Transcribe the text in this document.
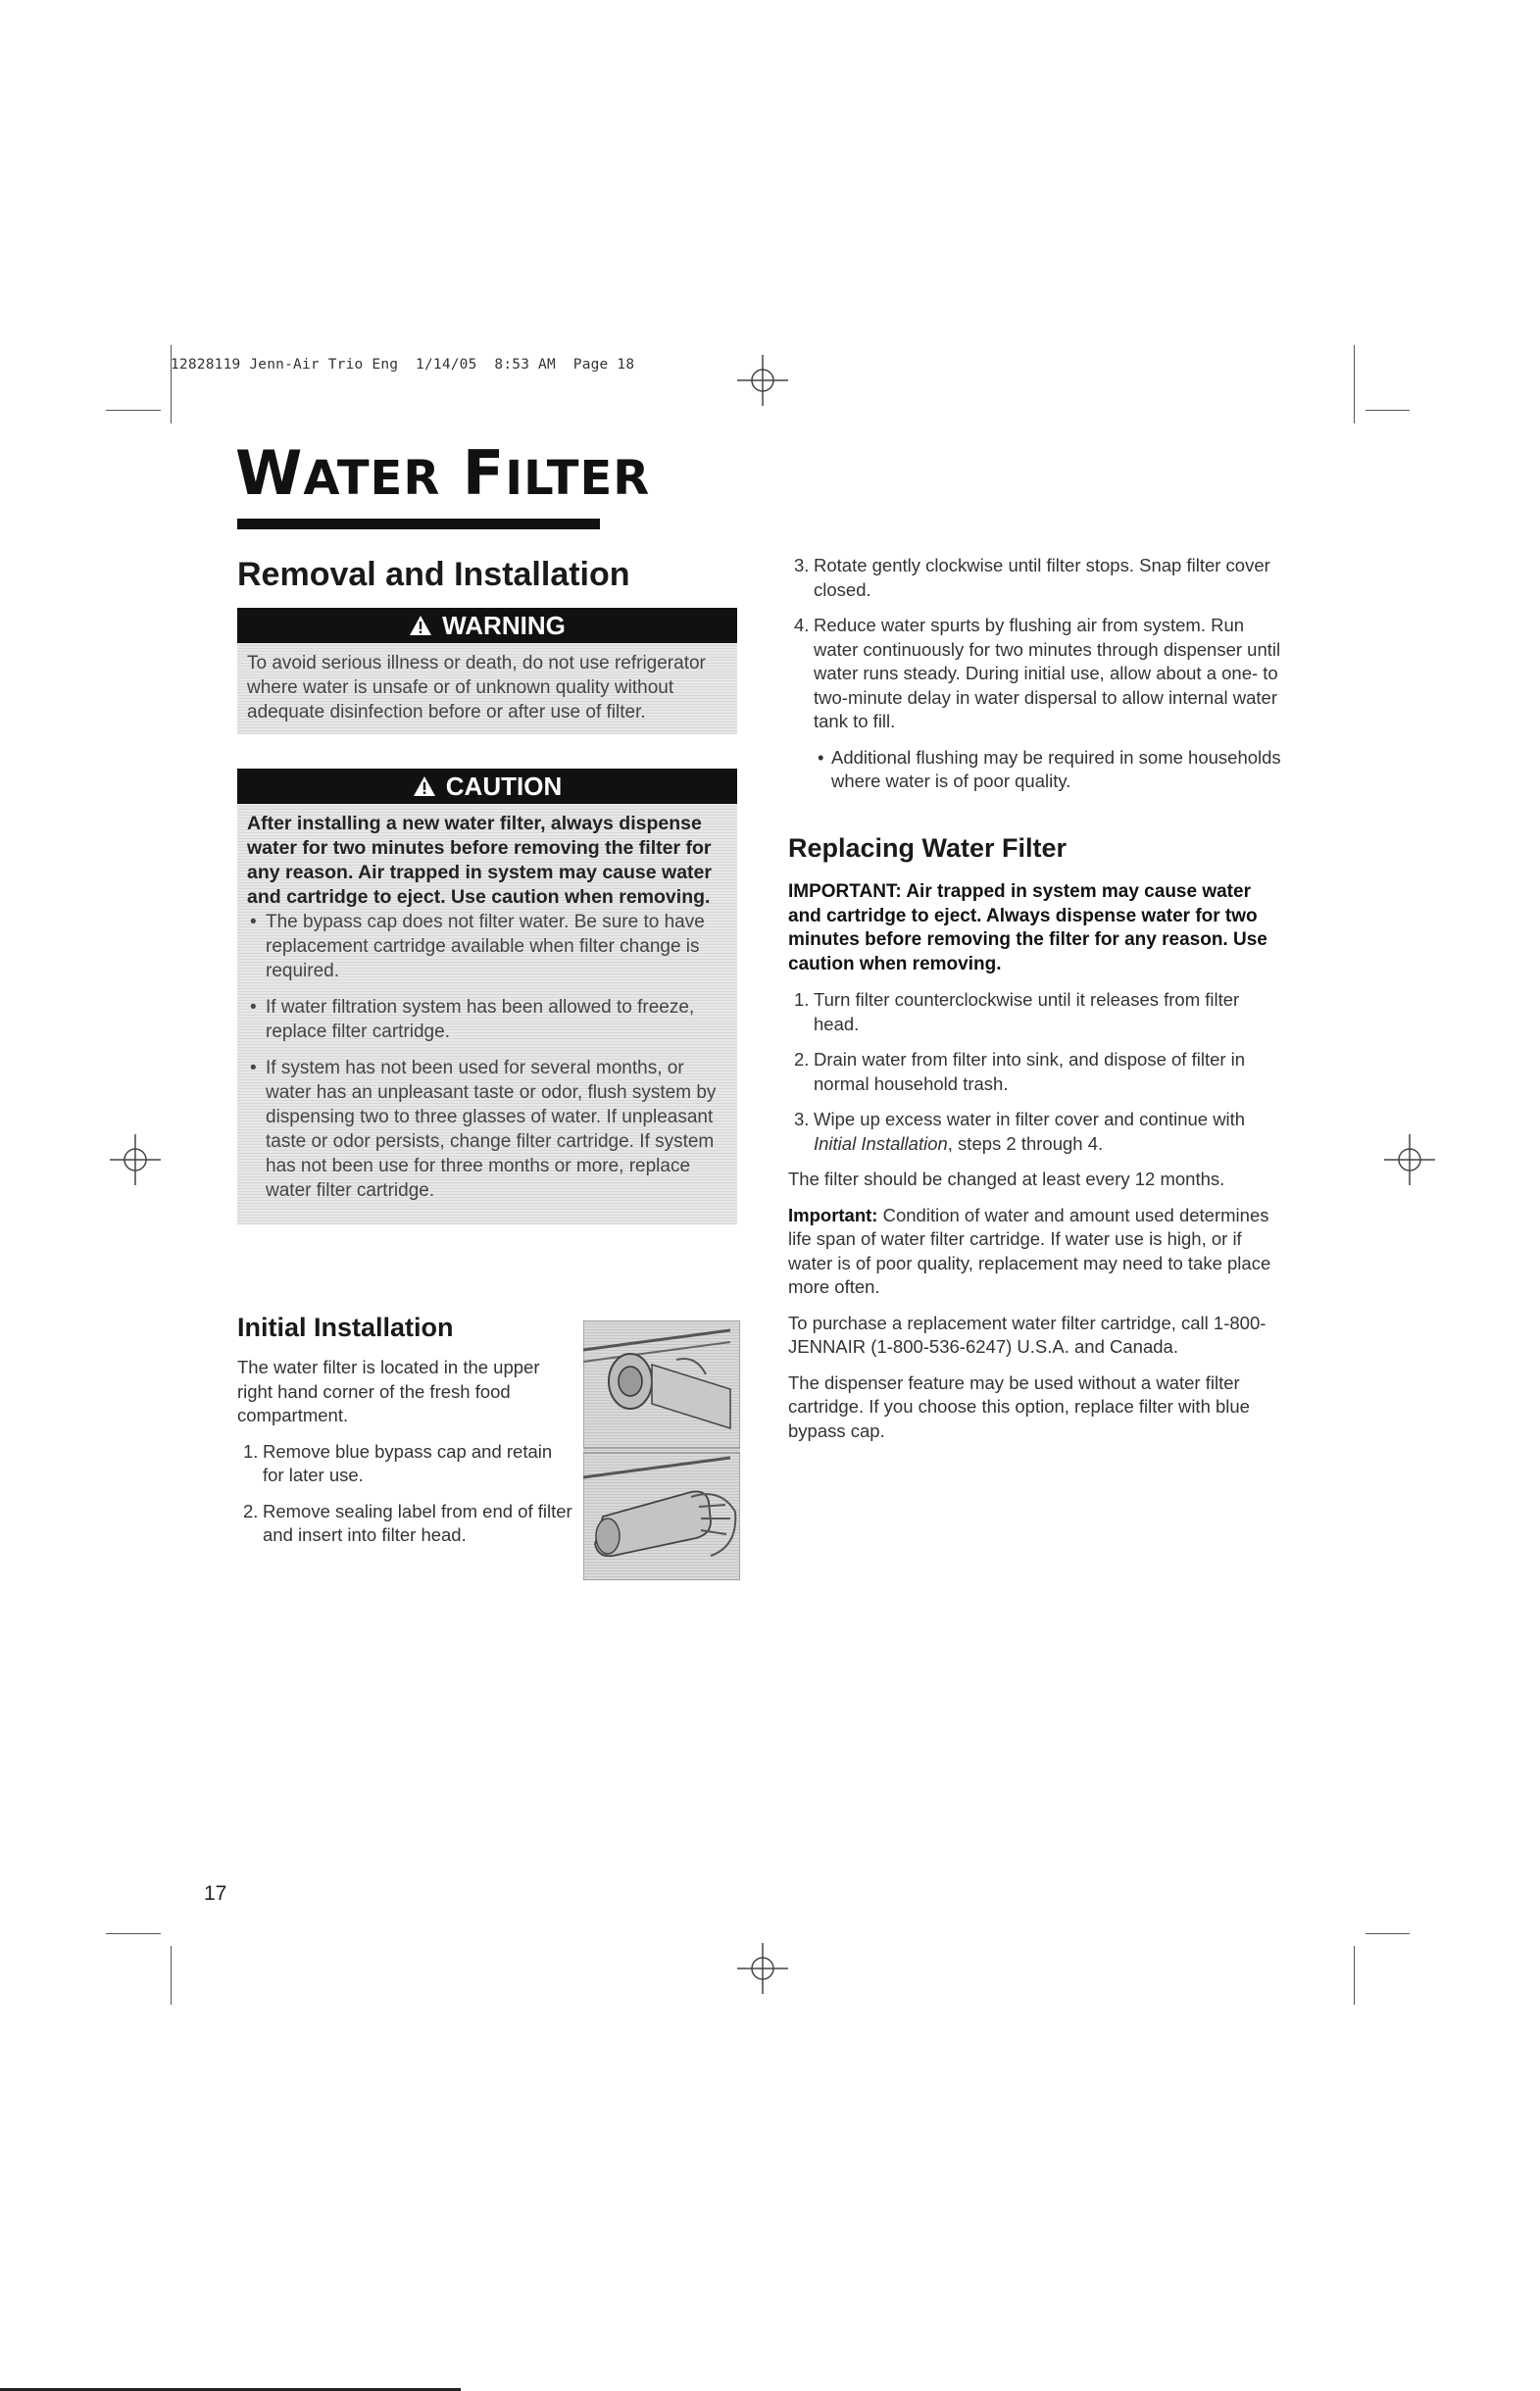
12828119 Jenn-Air Trio Eng  1/14/05  8:53 AM  Page 18
WATER FILTER
Removal and Installation
WARNING

To avoid serious illness or death, do not use refrigerator where water is unsafe or of unknown quality without adequate disinfection before or after use of filter.

CAUTION

After installing a new water filter, always dispense water for two minutes before removing the filter for any reason. Air trapped in system may cause water and cartridge to eject. Use caution when removing.

• The bypass cap does not filter water. Be sure to have replacement cartridge available when filter change is required.
• If water filtration system has been allowed to freeze, replace filter cartridge.
• If system has not been used for several months, or water has an unpleasant taste or odor, flush system by dispensing two to three glasses of water. If unpleasant taste or odor persists, change filter cartridge. If system has not been use for three months or more, replace water filter cartridge.
Initial Installation

The water filter is located in the upper right hand corner of the fresh food compartment.

1. Remove blue bypass cap and retain for later use.
2. Remove sealing label from end of filter and insert into filter head.
3. Rotate gently clockwise until filter stops. Snap filter cover closed.
4. Reduce water spurts by flushing air from system. Run water continuously for two minutes through dispenser until water runs steady. During initial use, allow about a one- to two-minute delay in water dispersal to allow internal water tank to fill.

• Additional flushing may be required in some households where water is of poor quality.

Replacing Water Filter

IMPORTANT: Air trapped in system may cause water and cartridge to eject. Always dispense water for two minutes before removing the filter for any reason. Use caution when removing.

1. Turn filter counterclockwise until it releases from filter head.
2. Drain water from filter into sink, and dispose of filter in normal household trash.
3. Wipe up excess water in filter cover and continue with Initial Installation, steps 2 through 4.

The filter should be changed at least every 12 months.

Important: Condition of water and amount used determines life span of water filter cartridge. If water use is high, or if water is of poor quality, replacement may need to take place more often.

To purchase a replacement water filter cartridge, call 1-800-JENNAIR (1-800-536-6247) U.S.A. and Canada.

The dispenser feature may be used without a water filter cartridge. If you choose this option, replace filter with blue bypass cap.

17
